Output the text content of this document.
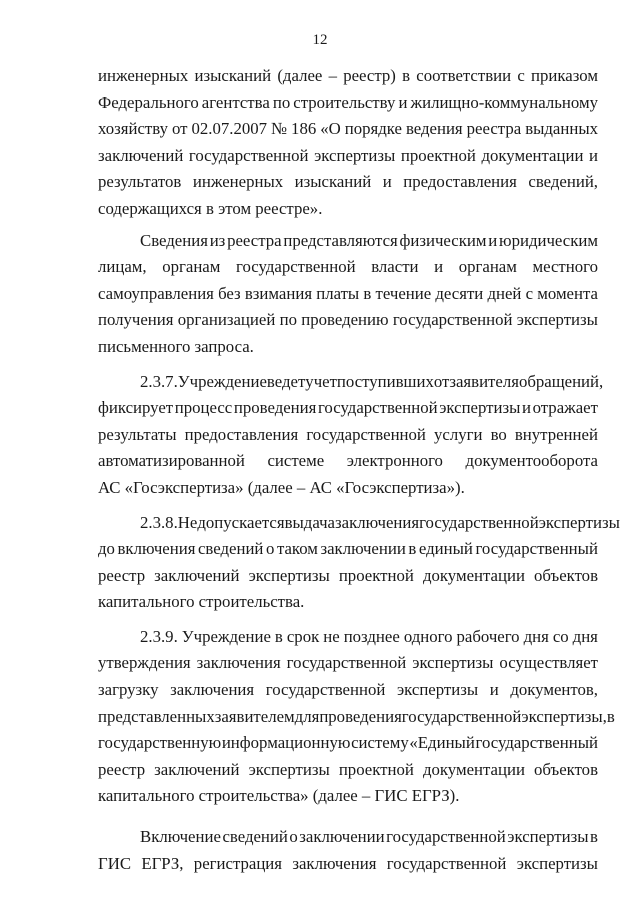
12
инженерных изысканий (далее – реестр) в соответствии с приказом
Федерального агентства по строительству и жилищно-коммунальному
хозяйству от 02.07.2007 № 186 «О порядке ведения реестра выданных
заключений государственной экспертизы проектной документации и
результатов инженерных изысканий и предоставления сведений,
содержащихся в этом реестре».
Сведения из реестра представляются физическим и юридическим
лицам, органам государственной власти и органам местного
самоуправления без взимания платы в течение десяти дней с момента
получения организацией по проведению государственной экспертизы
письменного запроса.
2.3.7. Учреждение ведет учет поступивших от заявителя обращений,
фиксирует процесс проведения государственной экспертизы и отражает
результаты предоставления государственной услуги во внутренней
автоматизированной системе электронного документооборота
АС «Госэкспертиза» (далее – АС «Госэкспертиза»).
2.3.8. Не допускается выдача заключения государственной экспертизы
до включения сведений о таком заключении в единый государственный
реестр заключений экспертизы проектной документации объектов
капитального строительства.
2.3.9. Учреждение в срок не позднее одного рабочего дня со дня
утверждения заключения государственной экспертизы осуществляет
загрузку заключения государственной экспертизы и документов,
представленных заявителем для проведения государственной экспертизы, в
государственную информационную систему «Единый государственный
реестр заключений экспертизы проектной документации объектов
капитального строительства» (далее – ГИС ЕГРЗ).
Включение сведений о заключении государственной экспертизы в
ГИС ЕГРЗ, регистрация заключения государственной экспертизы
